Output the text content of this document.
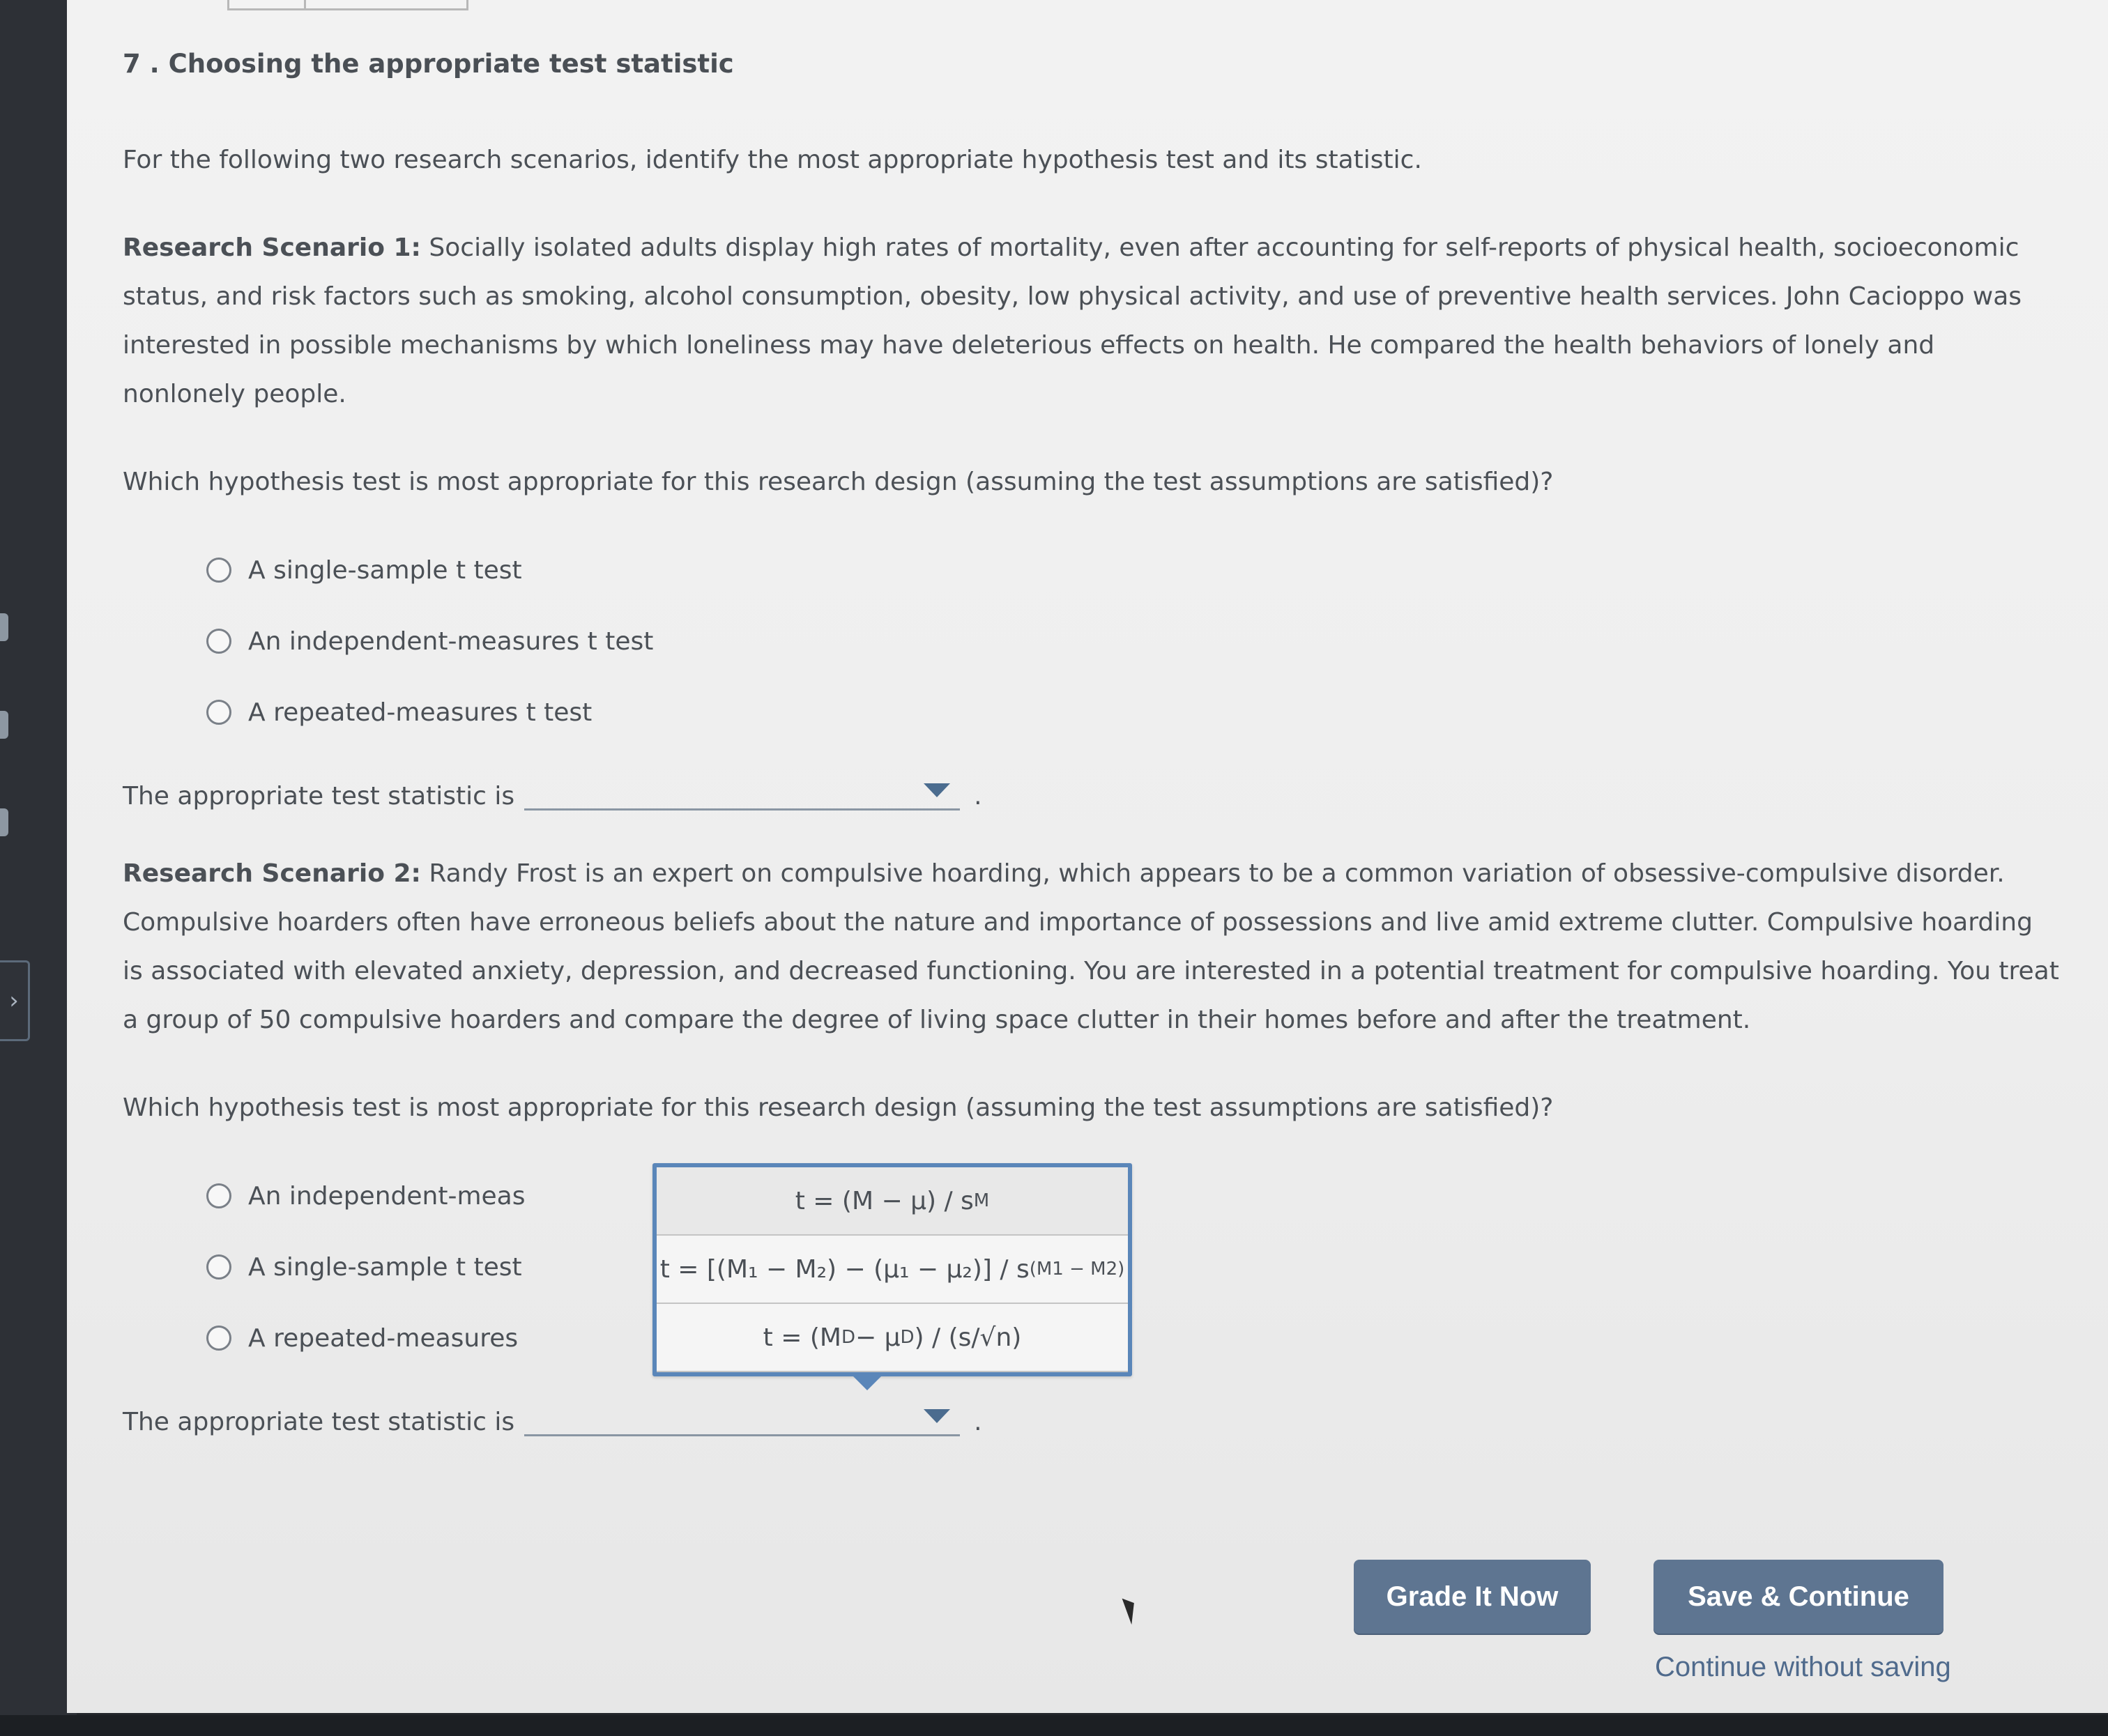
›
7 . Choosing the appropriate test statistic

For the following two research scenarios, identify the most appropriate hypothesis test and its statistic.

Research Scenario 1: Socially isolated adults display high rates of mortality, even after accounting for self-reports of physical health, socioeconomic status, and risk factors such as smoking, alcohol consumption, obesity, low physical activity, and use of preventive health services. John Cacioppo was interested in possible mechanisms by which loneliness may have deleterious effects on health. He compared the health behaviors of lonely and nonlonely people.

Which hypothesis test is most appropriate for this research design (assuming the test assumptions are satisfied)?

A single-sample t test
An independent-measures t test
A repeated-measures t test
The appropriate test statistic is	.

Research Scenario 2: Randy Frost is an expert on compulsive hoarding, which appears to be a common variation of obsessive-compulsive disorder. Compulsive hoarders often have erroneous beliefs about the nature and importance of possessions and live amid extreme clutter. Compulsive hoarding is associated with elevated anxiety, depression, and decreased functioning. You are interested in a potential treatment for compulsive hoarding. You treat a group of 50 compulsive hoarders and compare the degree of living space clutter in their homes before and after the treatment.

Which hypothesis test is most appropriate for this research design (assuming the test assumptions are satisfied)?

An independent-meas
A single-sample t test
A repeated-measures
t = (M − μ) / s M
t = [(M₁ − M₂) − (μ₁ − μ₂)] / s (M1 − M2)
t = (M D − μ D ) / (s/√n)
The appropriate test statistic is	.
Grade It Now	Save & Continue
Continue without saving
